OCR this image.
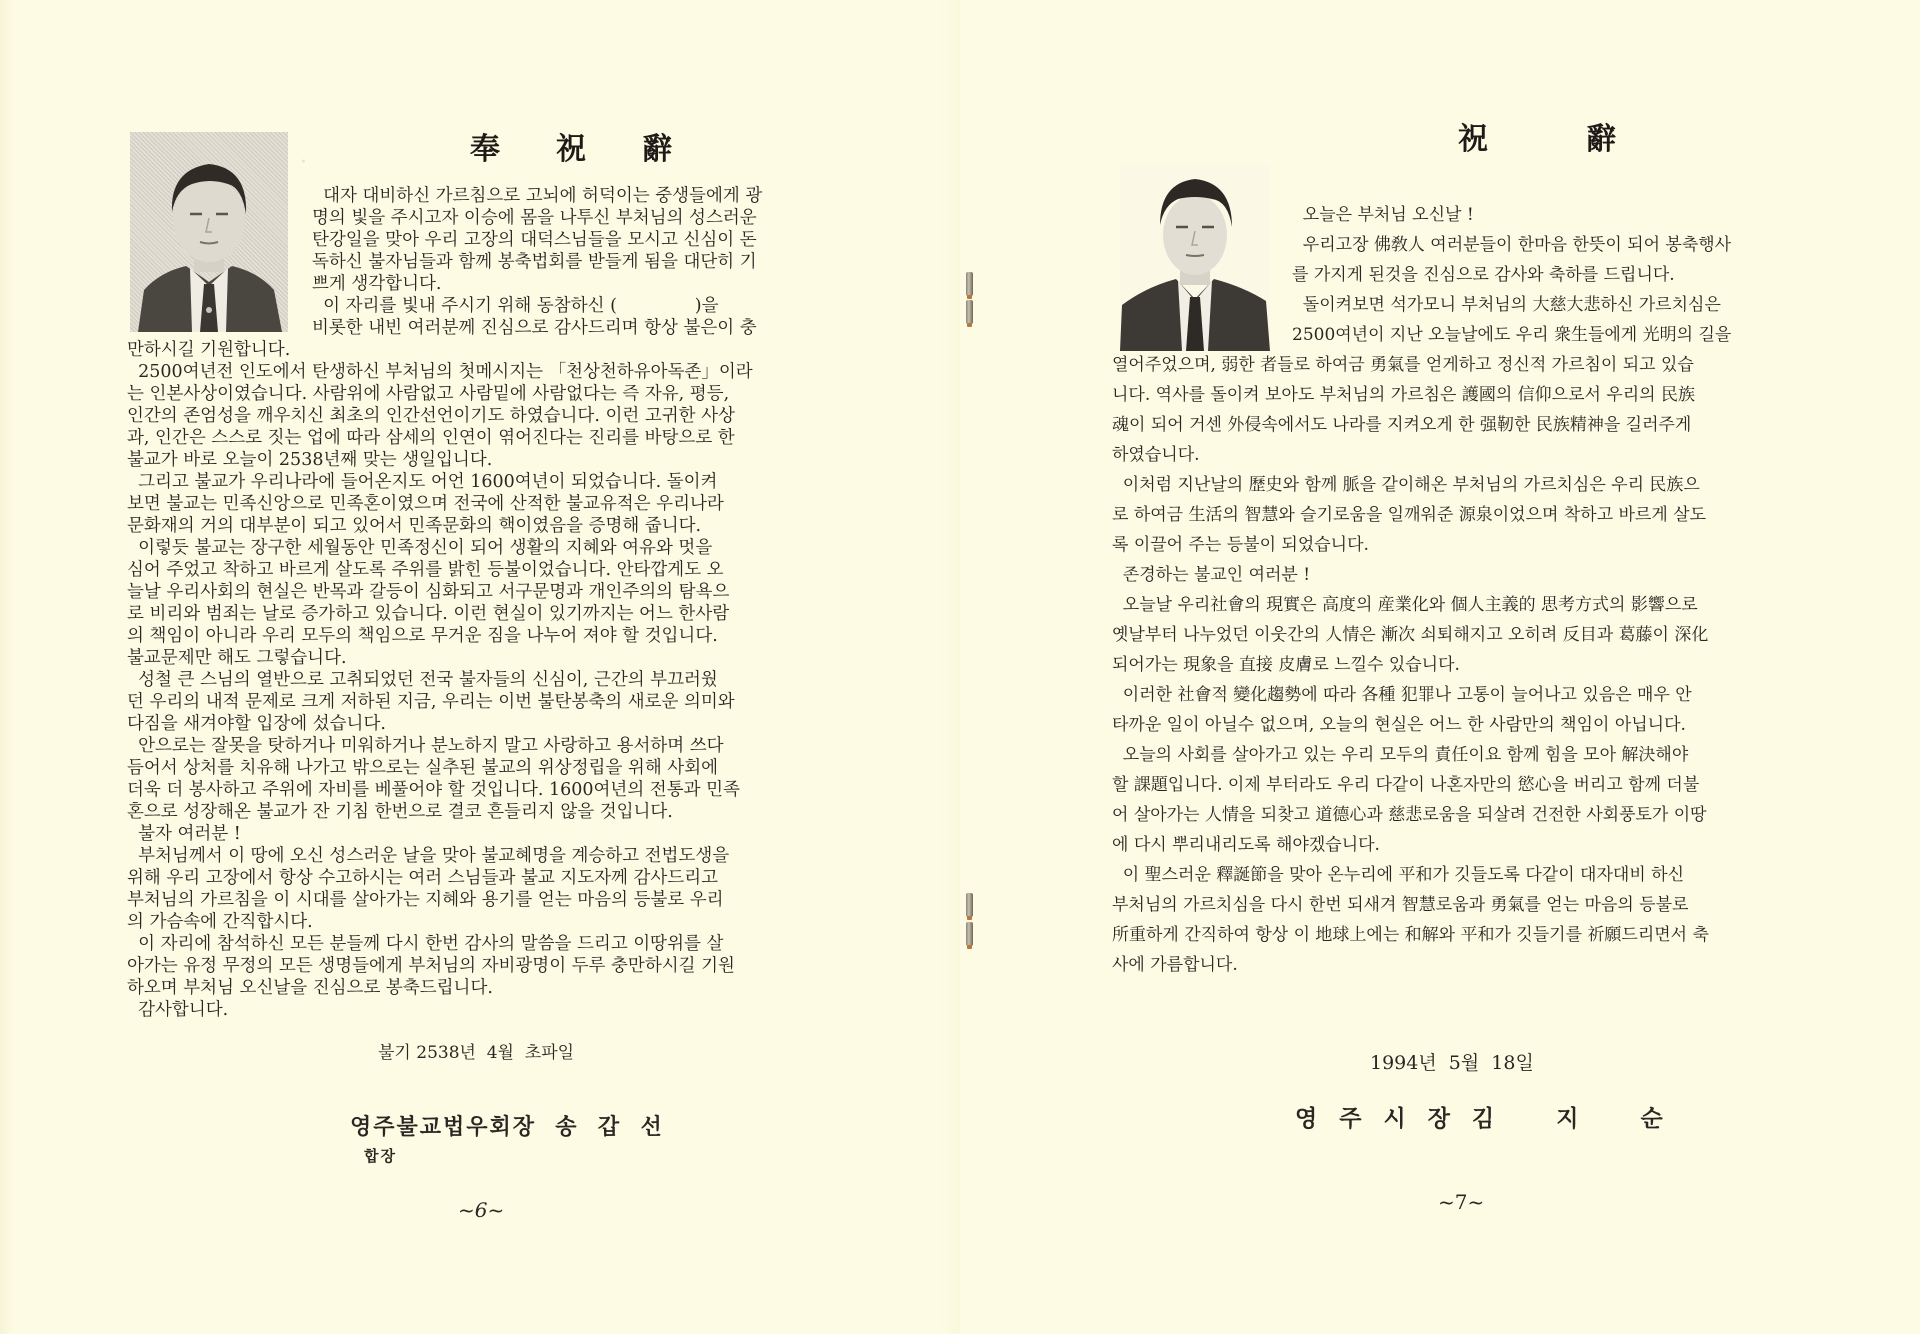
奉 祝 辭
·
대자 대비하신 가르침으로 고뇌에 허덕이는 중생들에게 광
명의 빛을 주시고자 이승에 몸을 나투신 부처님의 성스러운
탄강일을 맞아 우리 고장의 대덕스님들을 모시고 신심이 돈
독하신 불자님들과 함께 봉축법회를 받들게 됨을 대단히 기
쁘게 생각합니다.
이 자리를 빛내 주시기 위해 동참하신 (              )을
비롯한 내빈 여러분께 진심으로 감사드리며 항상 불은이 충
만하시길 기원합니다.
2500여년전 인도에서 탄생하신 부처님의 첫메시지는 「천상천하유아독존」이라
는 인본사상이였습니다. 사람위에 사람없고 사람밑에 사람없다는 즉 자유, 평등,
인간의 존엄성을 깨우치신 최초의 인간선언이기도 하였습니다. 이런 고귀한 사상
과, 인간은 스스로 짓는 업에 따라 삼세의 인연이 엮어진다는 진리를 바탕으로 한
불교가 바로 오늘이 2538년째 맞는 생일입니다.
그리고 불교가 우리나라에 들어온지도 어언 1600여년이 되었습니다. 돌이켜
보면 불교는 민족신앙으로 민족혼이였으며 전국에 산적한 불교유적은 우리나라
문화재의 거의 대부분이 되고 있어서 민족문화의 핵이였음을 증명해 줍니다.
이렇듯 불교는 장구한 세월동안 민족정신이 되어 생활의 지혜와 여유와 멋을
심어 주었고 착하고 바르게 살도록 주위를 밝힌 등불이었습니다. 안타깝게도 오
늘날 우리사회의 현실은 반목과 갈등이 심화되고 서구문명과 개인주의의 탐욕으
로 비리와 범죄는 날로 증가하고 있습니다. 이런 현실이 있기까지는 어느 한사람
의 책임이 아니라 우리 모두의 책임으로 무거운 짐을 나누어 져야 할 것입니다.
불교문제만 해도 그렇습니다.
성철 큰 스님의 열반으로 고취되었던 전국 불자들의 신심이, 근간의 부끄러웠
던 우리의 내적 문제로 크게 저하된 지금, 우리는 이번 불탄봉축의 새로운 의미와
다짐을 새겨야할 입장에 섰습니다.
안으로는 잘못을 탓하거나 미워하거나 분노하지 말고 사랑하고 용서하며 쓰다
듬어서 상처를 치유해 나가고 밖으로는 실추된 불교의 위상정립을 위해 사회에
더욱 더 봉사하고 주위에 자비를 베풀어야 할 것입니다. 1600여년의 전통과 민족
혼으로 성장해온 불교가 잔 기침 한번으로 결코 흔들리지 않을 것입니다.
불자 여러분 !
부처님께서 이 땅에 오신 성스러운 날을 맞아 불교혜명을 계승하고 전법도생을
위해 우리 고장에서 항상 수고하시는 여러 스님들과 불교 지도자께 감사드리고
부처님의 가르침을 이 시대를 살아가는 지혜와 용기를 얻는 마음의 등불로 우리
의 가슴속에 간직합시다.
이 자리에 참석하신 모든 분들께 다시 한번 감사의 말씀을 드리고 이땅위를 살
아가는 유정 무정의 모든 생명들에게 부처님의 자비광명이 두루 충만하시길 기원
하오며 부처님 오신날을 진심으로 봉축드립니다.
감사합니다.
불기 2538년  4월  초파일

영주불교법우회장  송  갑  선
합장

~6~
祝	辭
오늘은 부처님 오신날 !
우리고장 佛敎人 여러분들이 한마음 한뜻이 되어 봉축행사
를 가지게 된것을 진심으로 감사와 축하를 드립니다.
돌이켜보면 석가모니 부처님의 大慈大悲하신 가르치심은
2500여년이 지난 오늘날에도 우리 衆生들에게 光明의 길을
열어주었으며, 弱한 者들로 하여금 勇氣를 얻게하고 정신적 가르침이 되고 있습
니다. 역사를 돌이켜 보아도 부처님의 가르침은 護國의 信仰으로서 우리의 民族
魂이 되어 거센 外侵속에서도 나라를 지켜오게 한 强靭한 民族精神을 길러주게
하였습니다.
이처럼 지난날의 歷史와 함께 脈을 같이해온 부처님의 가르치심은 우리 民族으
로 하여금 生活의 智慧와 슬기로움을 일깨워준 源泉이었으며 착하고 바르게 살도
록 이끌어 주는 등불이 되었습니다.
존경하는 불교인 여러분 !
오늘날 우리社會의 現實은 高度의 産業化와 個人主義的 思考方式의 影響으로
옛날부터 나누었던 이웃간의 人情은 漸次 쇠퇴해지고 오히려 反目과 葛藤이 深化
되어가는 現象을 直接 皮膚로 느낄수 있습니다.
이러한 社會적 變化趨勢에 따라 各種 犯罪나 고통이 늘어나고 있음은 매우 안
타까운 일이 아닐수 없으며, 오늘의 현실은 어느 한 사람만의 책임이 아닙니다.
오늘의 사회를 살아가고 있는 우리 모두의 責任이요 함께 힘을 모아 解決해야
할 課題입니다. 이제 부터라도 우리 다같이 나혼자만의 慾心을 버리고 함께 더불
어 살아가는 人情을 되찾고 道德心과 慈悲로움을 되살려 건전한 사회풍토가 이땅
에 다시 뿌리내리도록 해야겠습니다.
이 聖스러운 釋誕節을 맞아 온누리에 平和가 깃들도록 다같이 대자대비 하신
부처님의 가르치심을 다시 한번 되새겨 智慧로움과 勇氣를 얻는 마음의 등불로
所重하게 간직하여 항상 이 地球上에는 和解와 平和가 깃들기를 祈願드리면서 축
사에 가름합니다.
1994년  5월  18일
영  주  시  장  김      지      순
~7~
